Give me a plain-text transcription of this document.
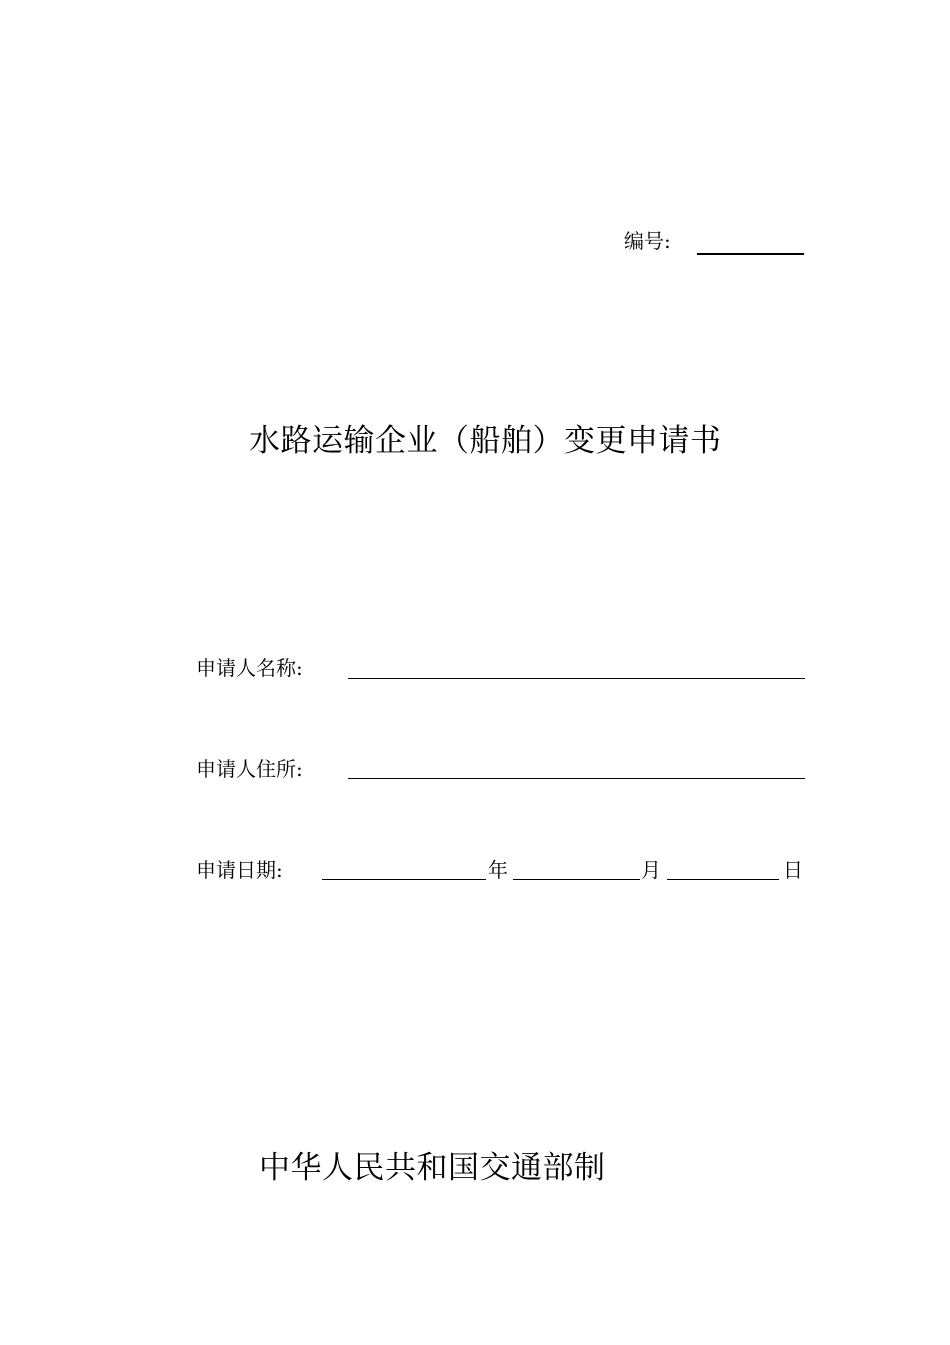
编号:
水路运输企业（船舶）变更申请书
申请人名称:
申请人住所:
申请日期:	年	月	日
中华人民共和国交通部制
